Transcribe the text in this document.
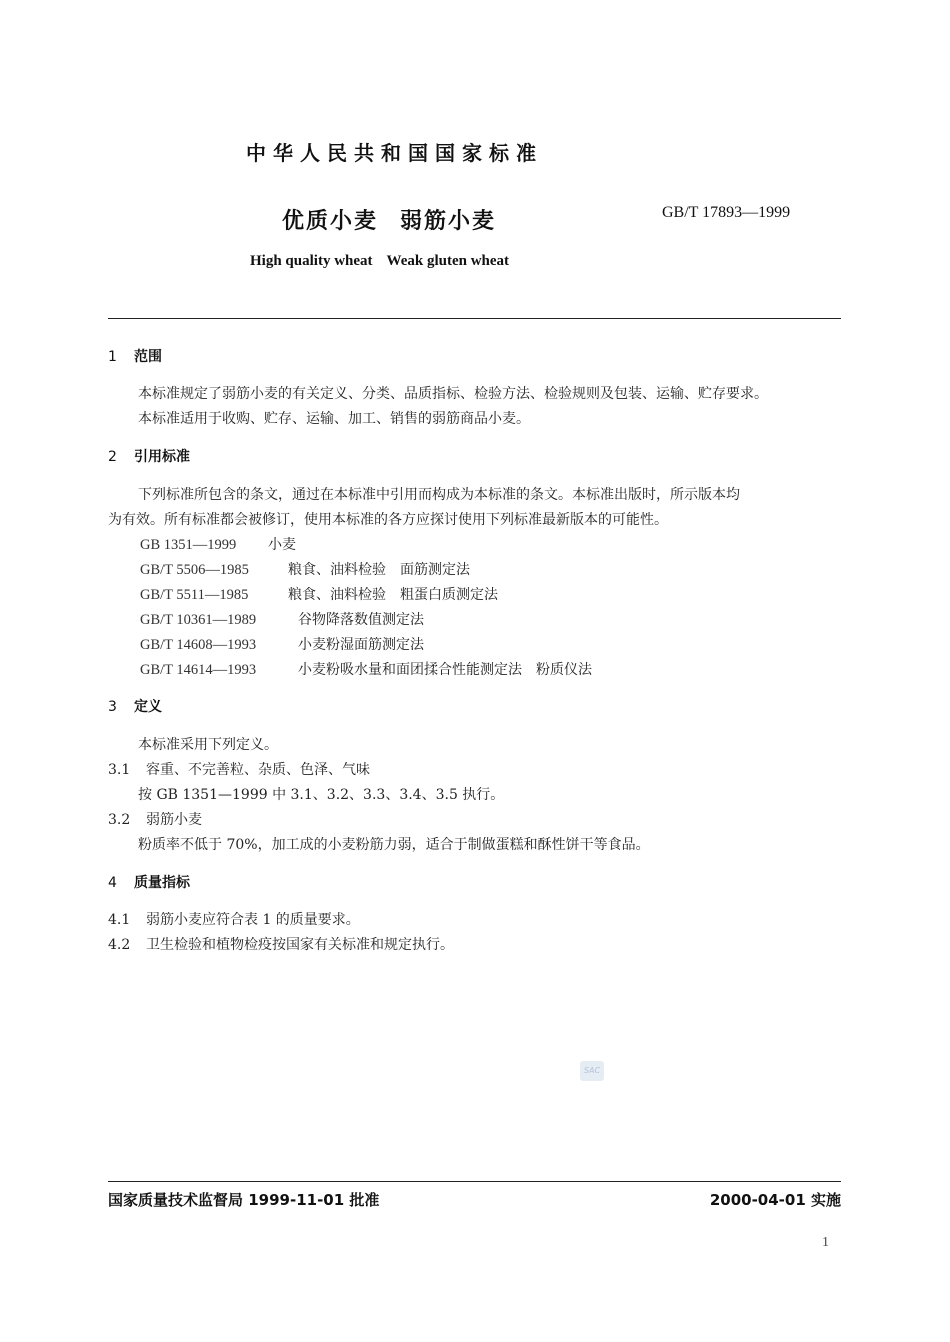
中华人民共和国国家标准
优质小麦 弱筋小麦	GB/T 17893—1999
High quality wheat Weak gluten wheat
1 范围
本标准规定了弱筋小麦的有关定义、分类、品质指标、检验方法、检验规则及包装、运输、贮存要求。
本标准适用于收购、贮存、运输、加工、销售的弱筋商品小麦。
2 引用标准
下列标准所包含的条文，通过在本标准中引用而构成为本标准的条文。本标准出版时，所示版本均
为有效。所有标准都会被修订，使用本标准的各方应探讨使用下列标准最新版本的可能性。
GB 1351—1999 小麦
GB/T 5506—1985	粮食、油料检验　面筋测定法
GB/T 5511—1985	粮食、油料检验　粗蛋白质测定法
GB/T 10361—1989	谷物降落数值测定法
GB/T 14608—1993	小麦粉湿面筋测定法
GB/T 14614—1993	小麦粉吸水量和面团揉合性能测定法　粉质仪法
3 定义
本标准采用下列定义。
3.1 容重、不完善粒、杂质、色泽、气味
按 GB 1351—1999 中 3.1、3.2、3.3、3.4、3.5 执行。
3.2 弱筋小麦
粉质率不低于 70%，加工成的小麦粉筋力弱，适合于制做蛋糕和酥性饼干等食品。
4 质量指标
4.1 弱筋小麦应符合表 1 的质量要求。
4.2 卫生检验和植物检疫按国家有关标准和规定执行。
SAC
国家质量技术监督局 1999-11-01 批准	2000-04-01 实施
1
